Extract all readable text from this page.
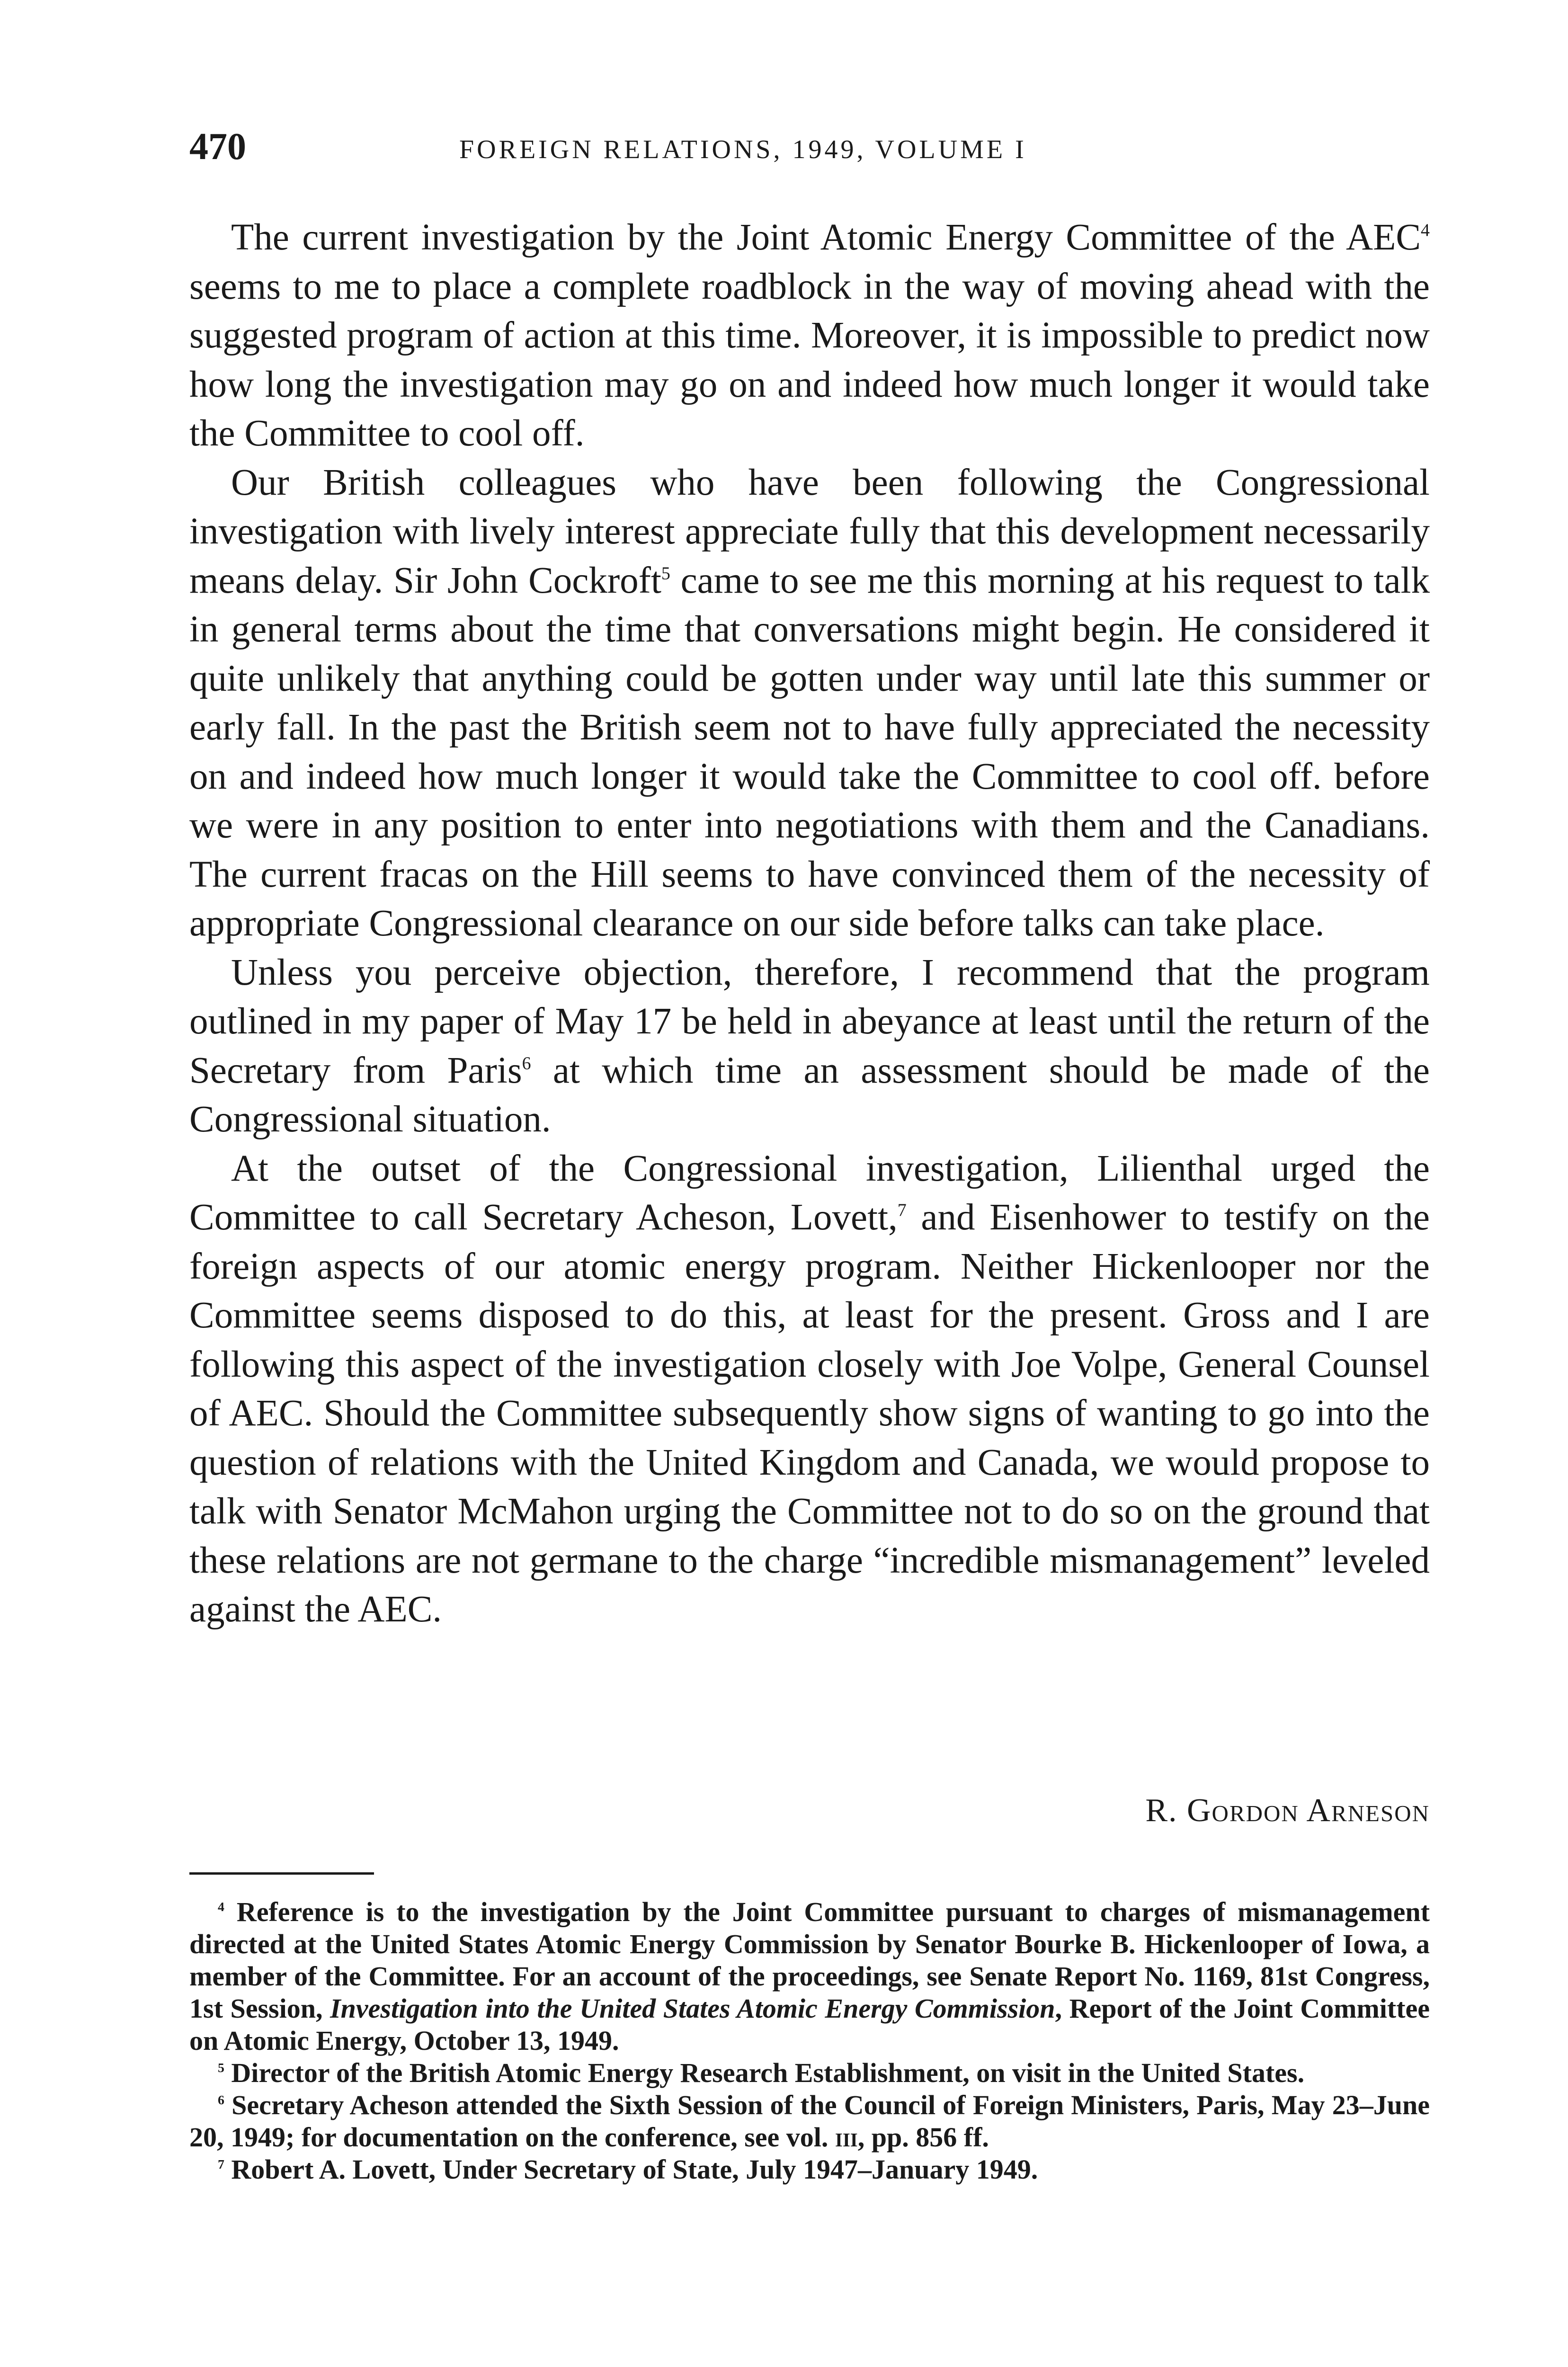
470	FOREIGN RELATIONS, 1949, VOLUME I

The current investigation by the Joint Atomic Energy Committee of the AEC$^4$ seems to me to place a complete roadblock in the way of moving ahead with the suggested program of action at this time. Moreover, it is impossible to predict now how long the investigation may go on and indeed how much longer it would take the Committee to cool off.

Our British colleagues who have been following the Congressional investigation with lively interest appreciate fully that this development necessarily means delay. Sir John Cockroft$^5$ came to see me this morning at his request to talk in general terms about the time that conversations might begin. He considered it quite unlikely that anything could be gotten under way until late this summer or early fall. In the past the British seem not to have fully appreciated the necessity on and indeed how much longer it would take the Committee to cool off. before we were in any position to enter into negotiations with them and the Canadians. The current fracas on the Hill seems to have convinced them of the necessity of appropriate Congressional clearance on our side before talks can take place.

Unless you perceive objection, therefore, I recommend that the program outlined in my paper of May 17 be held in abeyance at least until the return of the Secretary from Paris$^6$ at which time an assessment should be made of the Congressional situation.

At the outset of the Congressional investigation, Lilienthal urged the Committee to call Secretary Acheson, Lovett,$^7$ and Eisenhower to testify on the foreign aspects of our atomic energy program. Neither Hickenlooper nor the Committee seems disposed to do this, at least for the present. Gross and I are following this aspect of the investigation closely with Joe Volpe, General Counsel of AEC. Should the Committee subsequently show signs of wanting to go into the question of relations with the United Kingdom and Canada, we would propose to talk with Senator McMahon urging the Committee not to do so on the ground that these relations are not germane to the charge “incredible mismanagement” leveled against the AEC.

R. Gordon Arneson

$^4$ Reference is to the investigation by the Joint Committee pursuant to charges of mismanagement directed at the United States Atomic Energy Commission by Senator Bourke B. Hickenlooper of Iowa, a member of the Committee. For an account of the proceedings, see Senate Report No. 1169, 81st Congress, 1st Session, Investigation into the United States Atomic Energy Commission, Report of the Joint Committee on Atomic Energy, October 13, 1949.

$^5$ Director of the British Atomic Energy Research Establishment, on visit in the United States.

$^6$ Secretary Acheson attended the Sixth Session of the Council of Foreign Ministers, Paris, May 23–June 20, 1949; for documentation on the conference, see vol. iii, pp. 856 ff.

$^7$ Robert A. Lovett, Under Secretary of State, July 1947–January 1949.
